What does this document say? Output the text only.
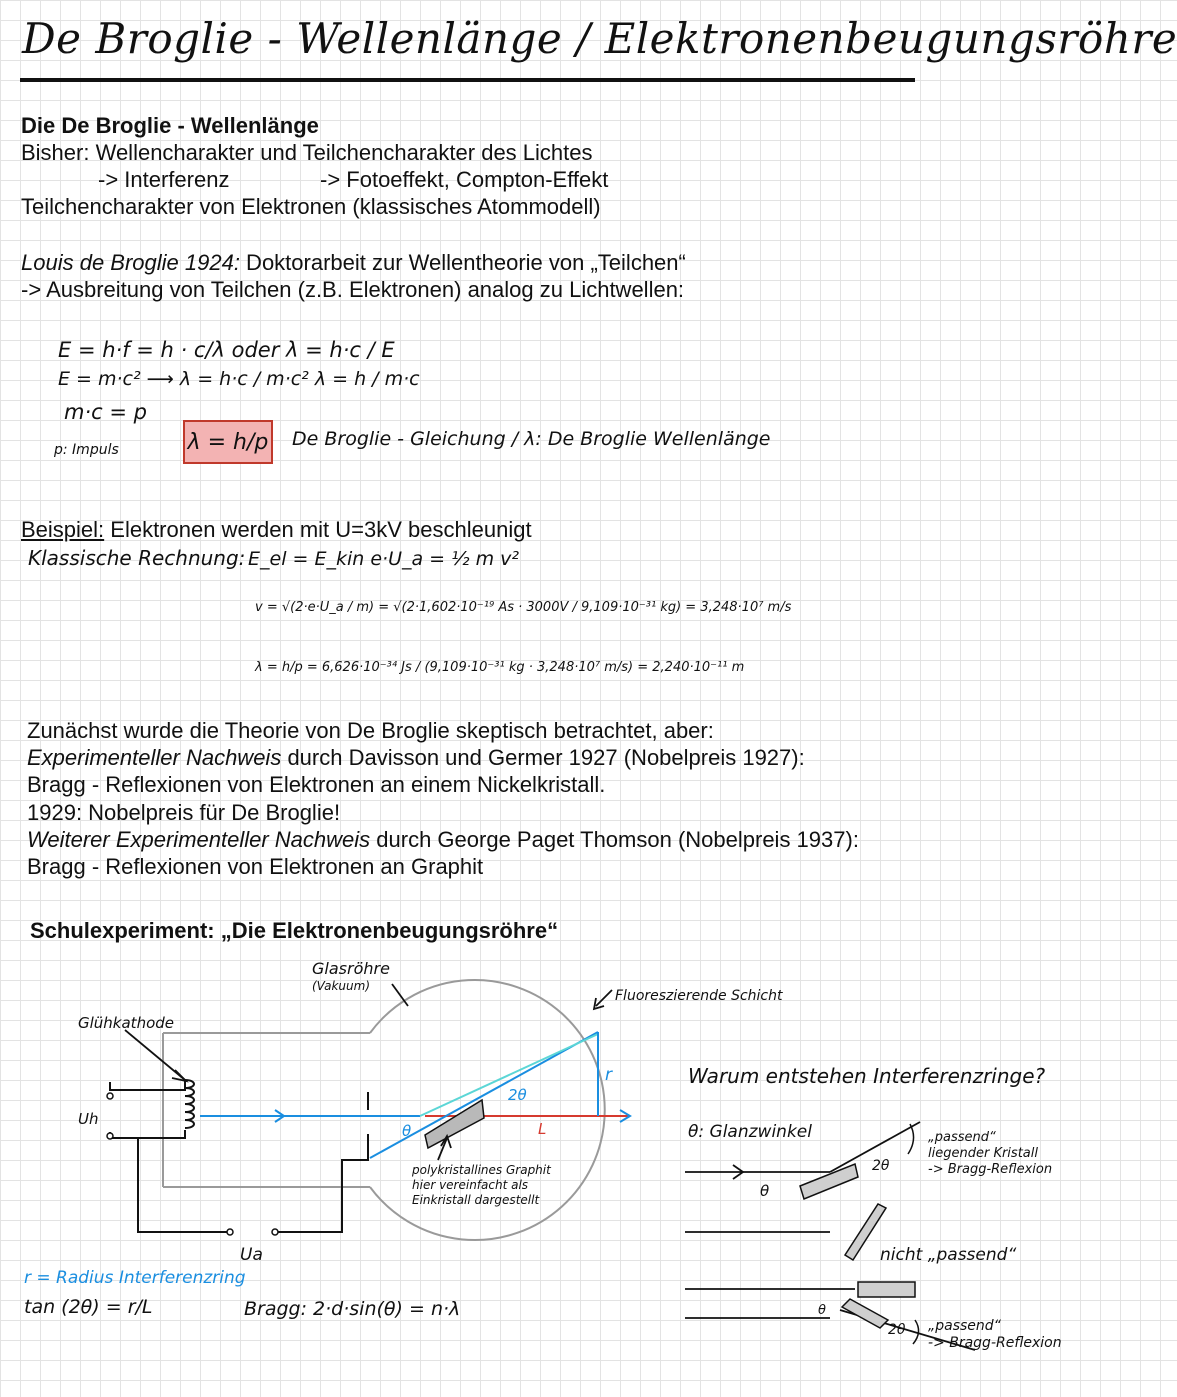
De Broglie - Wellenlänge / Elektronenbeugungsröhre
Die De Broglie - Wellenlänge
Bisher: Wellencharakter und Teilchencharakter des Lichtes
-> Interferenz	-> Fotoeffekt, Compton-Effekt
Teilchencharakter von Elektronen (klassisches Atommodell)
Louis de Broglie 1924: Doktorarbeit zur Wellentheorie von „Teilchen“
-> Ausbreitung von Teilchen (z.B. Elektronen) analog zu Lichtwellen:
E = h·f = h · c/λ oder λ = h·c / E
E = m·c² ⟶ λ = h·c / m·c² λ = h / m·c
m·c = p
p: Impuls	λ = h/p De Broglie - Gleichung / λ: De Broglie Wellenlänge
Beispiel: Elektronen werden mit U=3kV beschleunigt
Klassische Rechnung: E_el = E_kin e·U_a = ½ m v²
v = √(2·e·U_a / m) = √(2·1,602·10⁻¹⁹ As · 3000V / 9,109·10⁻³¹ kg) = 3,248·10⁷ m/s
λ = h/p = 6,626·10⁻³⁴ Js / (9,109·10⁻³¹ kg · 3,248·10⁷ m/s) = 2,240·10⁻¹¹ m
Zunächst wurde die Theorie von De Broglie skeptisch betrachtet, aber:
Experimenteller Nachweis durch Davisson und Germer 1927 (Nobelpreis 1927):
Bragg - Reflexionen von Elektronen an einem Nickelkristall.
1929: Nobelpreis für De Broglie!
Weiterer Experimenteller Nachweis durch George Paget Thomson (Nobelpreis 1937):
Bragg - Reflexionen von Elektronen an Graphit
Schulexperiment: „Die Elektronenbeugungsröhre“
Glasröhre
(Vakuum)
Fluoreszierende Schicht
Glühkathode
Uh
Ua
r
L
2θ
θ
polykristallines Graphit
hier vereinfacht als
Einkristall dargestellt
r = Radius Interferenzring
tan (2θ) = r/L	Bragg: 2·d·sin(θ) = n·λ
Warum entstehen Interferenzringe?
θ: Glanzwinkel
θ
2θ
θ
2θ
„passend“
liegender Kristall
-> Bragg-Reflexion
nicht „passend“
„passend“
-> Bragg-Reflexion
